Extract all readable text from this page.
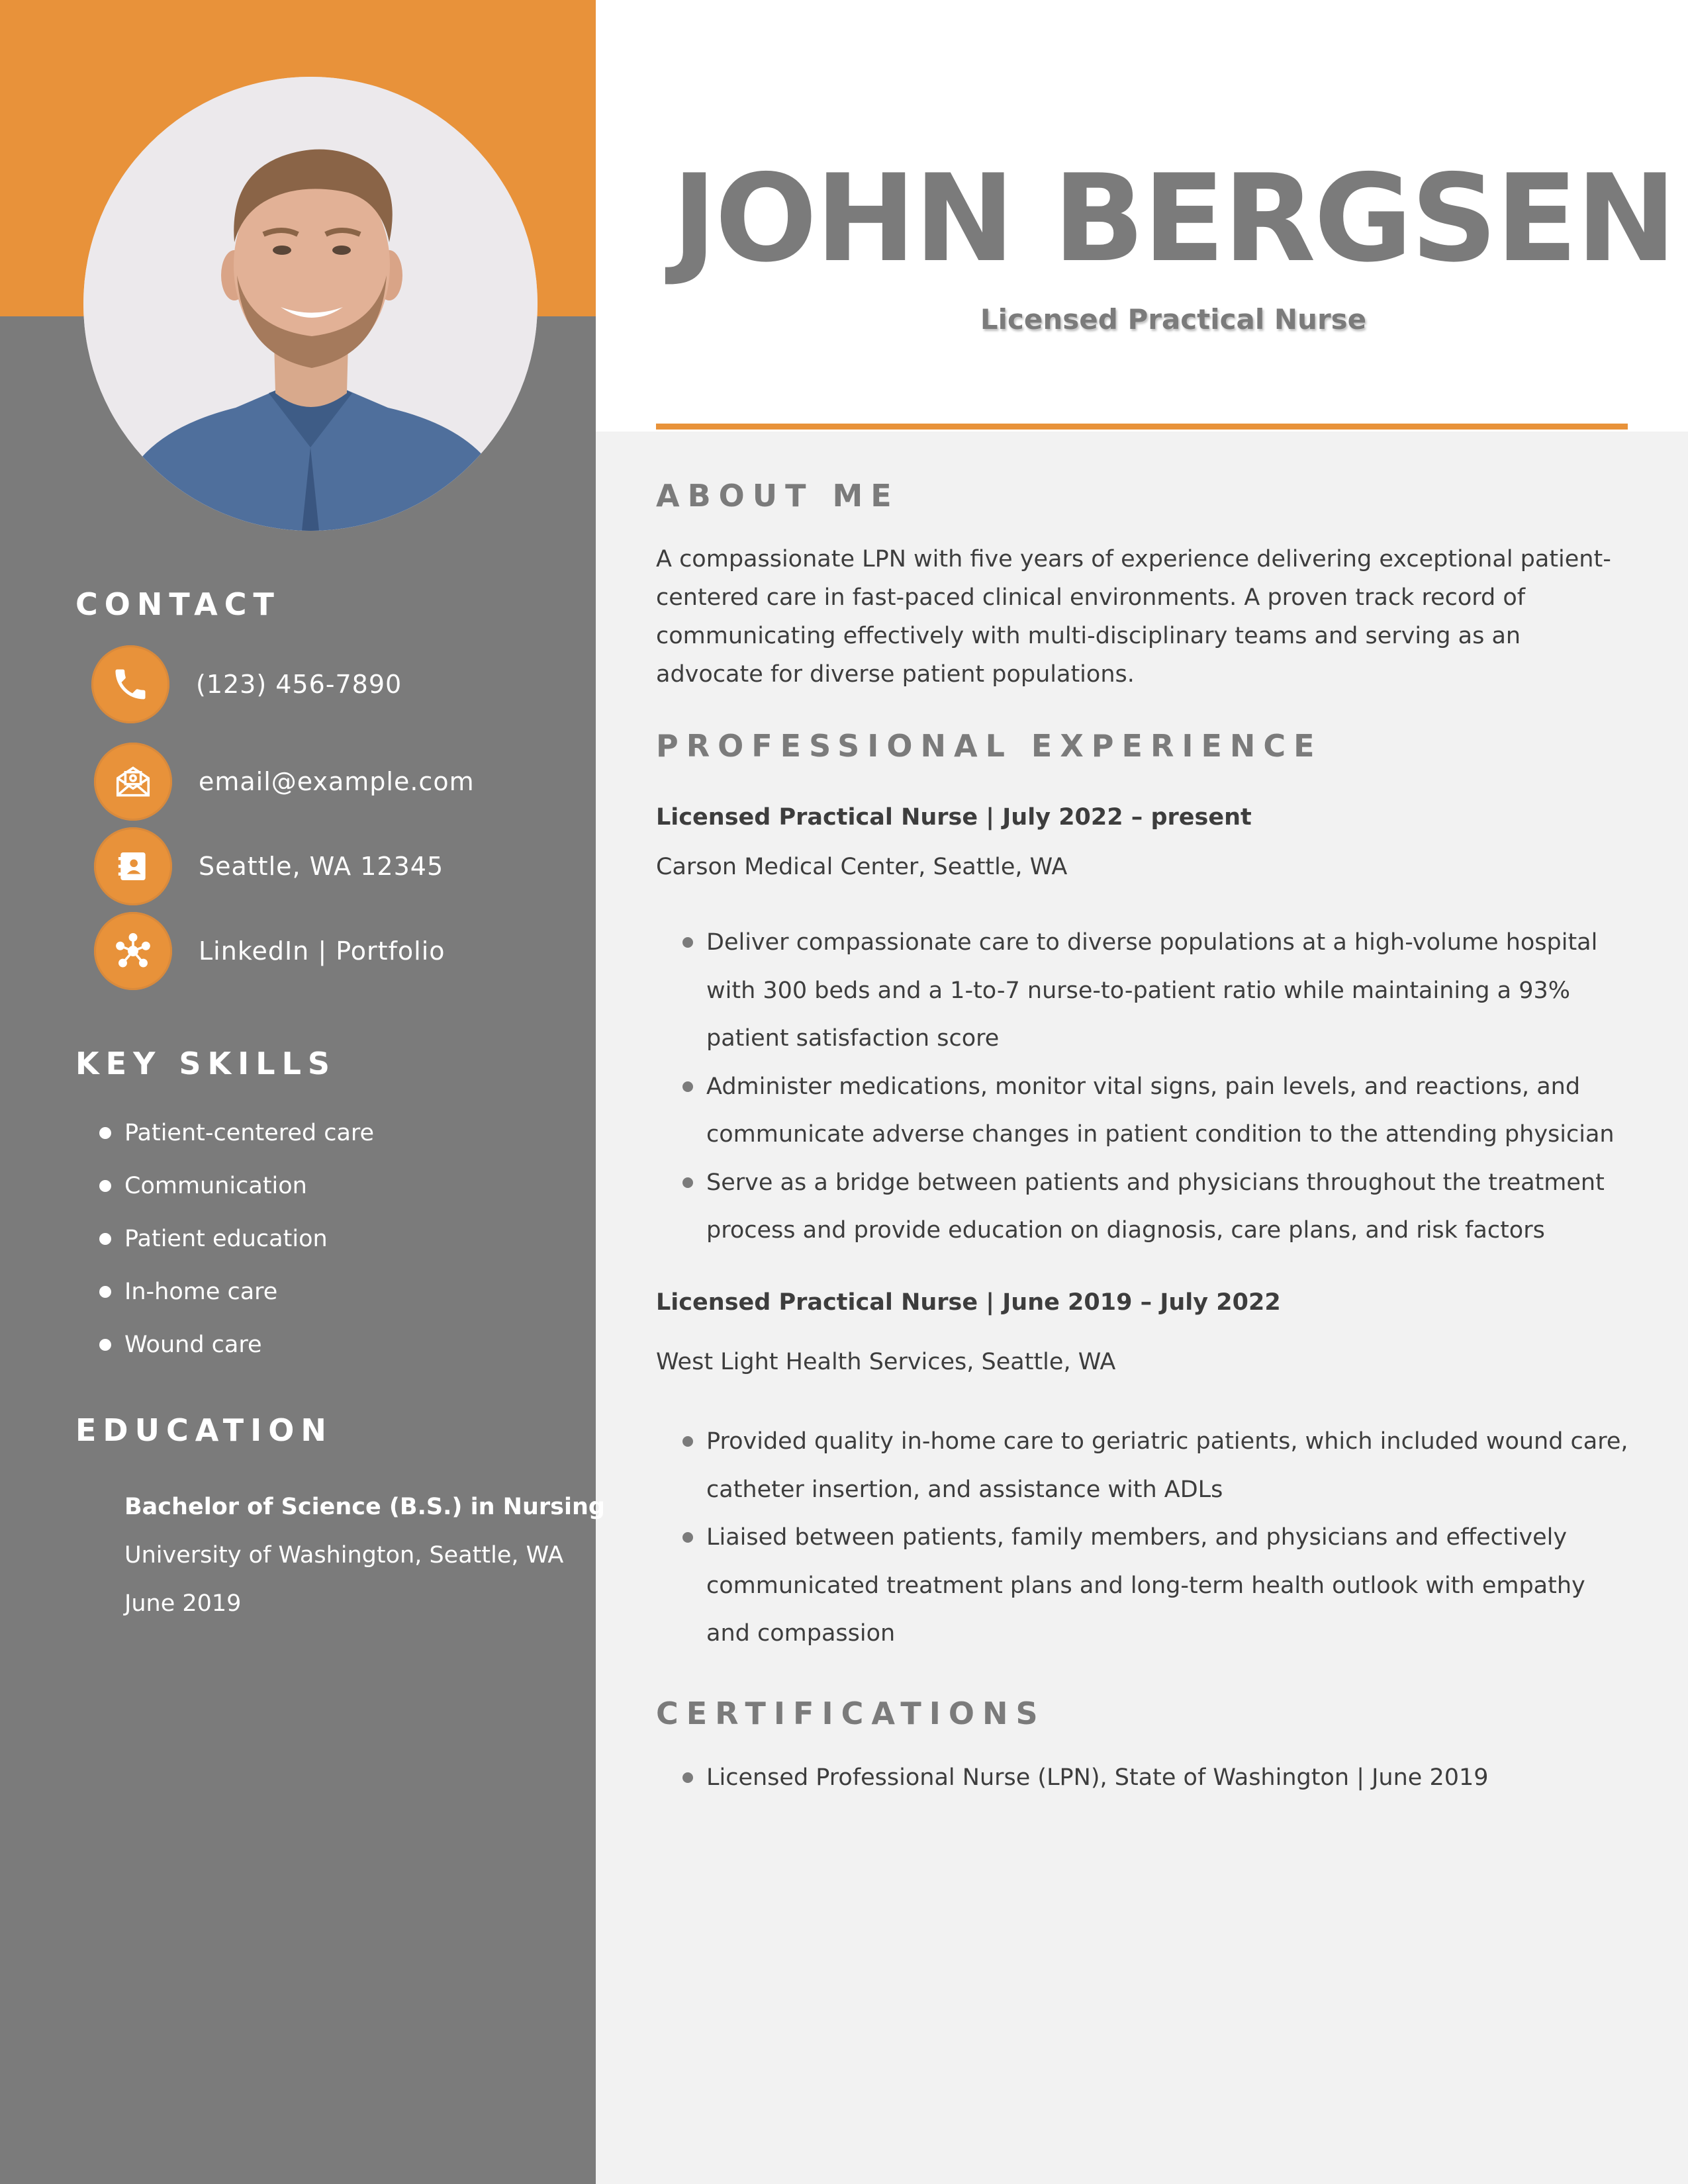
CONTACT
(123) 456-7890
email@example.com
Seattle, WA 12345
LinkedIn | Portfolio
KEY SKILLS
Patient-centered care
Communication
Patient education
In-home care
Wound care
EDUCATION
Bachelor of Science (B.S.) in Nursing
University of Washington, Seattle, WA
June 2019
JOHN BERGSEN
Licensed Practical Nurse
ABOUT ME

A compassionate LPN with five years of experience delivering exceptional patient-centered care in fast-paced clinical environments. A proven track record of communicating effectively with multi-disciplinary teams and serving as an advocate for diverse patient populations.

PROFESSIONAL EXPERIENCE
Licensed Practical Nurse | July 2022 – present
Carson Medical Center, Seattle, WA
Deliver compassionate care to diverse populations at a high-volume hospital with 300 beds and a 1-to-7 nurse-to-patient ratio while maintaining a 93% patient satisfaction score
Administer medications, monitor vital signs, pain levels, and reactions, and communicate adverse changes in patient condition to the attending physician
Serve as a bridge between patients and physicians throughout the treatment process and provide education on diagnosis, care plans, and risk factors
Licensed Practical Nurse | June 2019 – July 2022
West Light Health Services, Seattle, WA
Provided quality in-home care to geriatric patients, which included wound care, catheter insertion, and assistance with ADLs
Liaised between patients, family members, and physicians and effectively communicated treatment plans and long-term health outlook with empathy and compassion
CERTIFICATIONS
Licensed Professional Nurse (LPN), State of Washington | June 2019
